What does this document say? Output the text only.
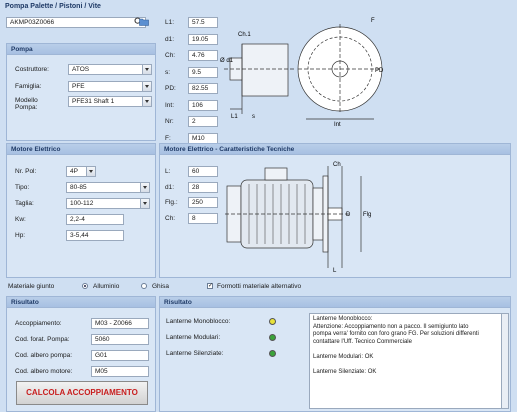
Pompa Palette / Pistoni / Vite
AKMP03Z0066
Pompa
Costruttore:	ATOS
Famiglia:	PFE
Modello
Pompa:
PFE31 Shaft 1
L1:	57.5
d1:	19.05
Ch:	4.76
s:	9.5
PD:	82.55
Int:	106
Nr:	2
F:	M10
Ch.1
Ø d1
L1 s
Int
F
PD
Motore Elettrico
Nr. Pol:	4P
Tipo:	80-85
Taglia:	100-112
Kw:	2,2-4
Hp:	3-5,44
Motore Elettrico - Caratteristiche Tecniche
L:	60
d1:	28
Flg.:	250
Ch:	8
Ch
L
D Flg
Materiale giunto	Alluminio	Ghisa	✓ Formotti materiale alternativo
Risultato
Accoppiamento:	M03 - Z0066
Cod. forat. Pompa:	5060
Cod. albero pompa:	G01
Cod. albero motore:	M05
CALCOLA ACCOPPIAMENTO
Risultato
Lanterne Monoblocco:
Lanterne Modulari:
Lanterne Silenziate:
Lanterne Monoblocco:
Attenzione: Accoppiamento non a pacco. Il semigiunto lato
pompa verra' fornito con foro grano FG. Per soluzioni differenti
contattare l'Uff. Tecnico Commerciale
Lanterne Modulari: OK
Lanterne Silenziate: OK
